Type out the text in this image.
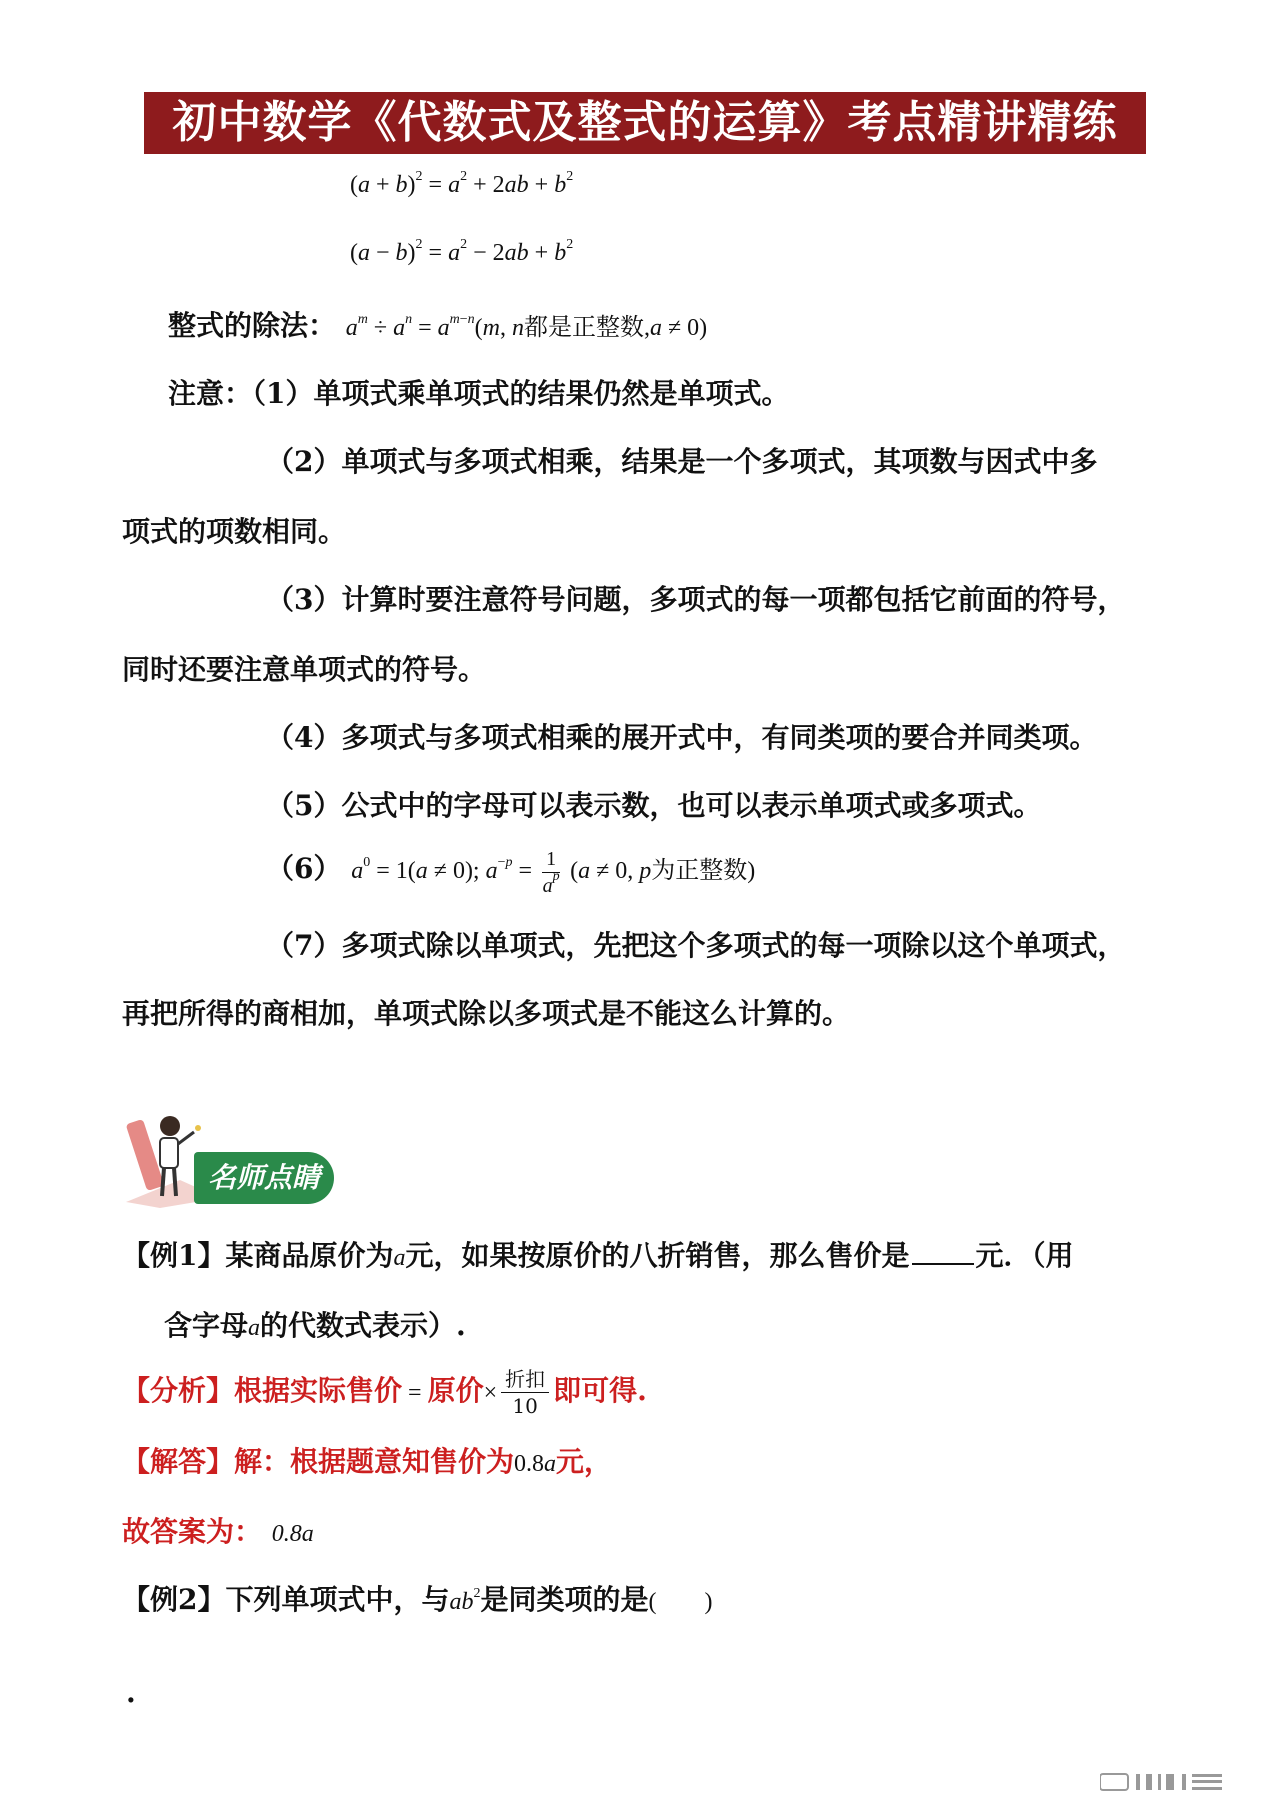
初中数学《代数式及整式的运算》考点精讲精练
$(a + b)^2 = a^2 + 2ab + b^2$
$(a - b)^2 = a^2 - 2ab + b^2$
整式的除法： $a^m \div a^n = a^{m-n}(m$, n都是正整数,a ≠ 0)
注意：（1）单项式乘单项式的结果仍然是单项式。
（2）单项式与多项式相乘，结果是一个多项式，其项数与因式中多
项式的项数相同。
（3）计算时要注意符号问题，多项式的每一项都包括它前面的符号，
同时还要注意单项式的符号。
（4）多项式与多项式相乘的展开式中，有同类项的要合并同类项。
（5）公式中的字母可以表示数，也可以表示单项式或多项式。
（6） $a^0 = 1(a \ne 0)$; $a^{-p} = \frac{1}{a^p} (a \ne 0$, p为正整数)
（7）多项式除以单项式，先把这个多项式的每一项除以这个单项式，
再把所得的商相加，单项式除以多项式是不能这么计算的。
名师点睛
【例1】某商品原价为a元，如果按原价的八折销售，那么售价是 元．（用
含字母a的代数式表示）.
【分析】根据实际售价 = 原价× $\frac{\text{折扣}}{10}$ 即可得.
【解答】解：根据题意知售价为0.8a元，
故答案为： 0.8a
【例2】下列单项式中，与$ab^2$是同类项的是(        )
.
